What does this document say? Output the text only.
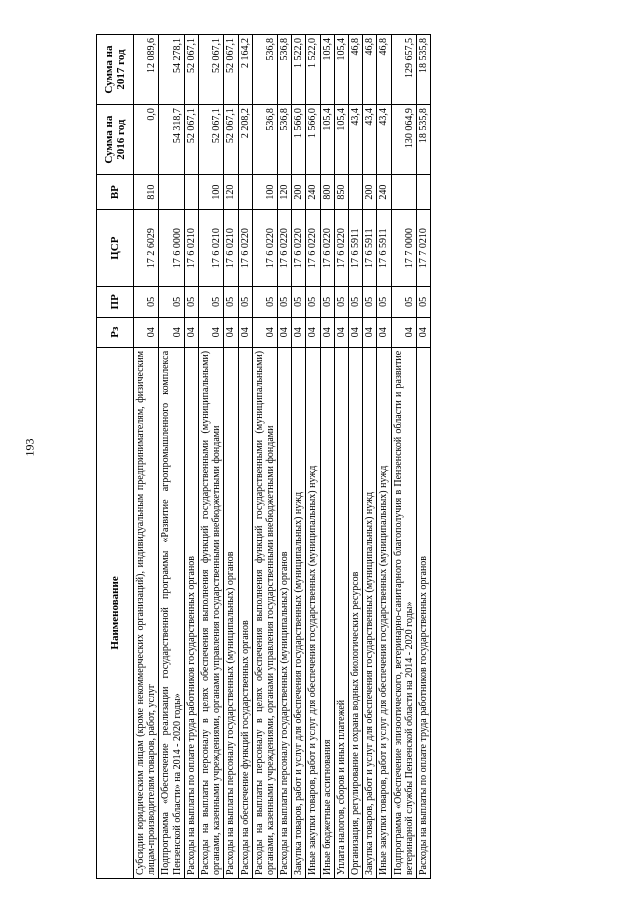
193
Наименование	Рз	ПР	ЦСР	ВР	Сумма на 2016 год	Сумма на 2017 год
Субсидии юридическим лицам (кроме некоммерческих организаций), индивидуальным предпринимателям, физическим лицам-производителям товаров, работ, услуг	04	05	17 2 6029	810	0,0	12 089,6
Подпрограмма «Обеспечение реализации государственной программы «Развитие агропромышленного комплекса Пензенской области» на 2014 - 2020 годы»	04	05	17 6 0000		54 318,7	54 278,1
Расходы на выплаты по оплате труда работников государственных органов	04	05	17 6 0210		52 067,1	52 067,1
Расходы на выплаты персоналу в целях обеспечения выполнения функций государственными (муниципальными) органами, казенными учреждениями, органами управления государственными внебюджетными фондами	04	05	17 6 0210	100	52 067,1	52 067,1
Расходы на выплаты персоналу государственных (муниципальных) органов	04	05	17 6 0210	120	52 067,1	52 067,1
Расходы на обеспечение функций государственных органов	04	05	17 6 0220		2 208,2	2 164,2
Расходы на выплаты персоналу в целях обеспечения выполнения функций государственными (муниципальными) органами, казенными учреждениями, органами управления государственными внебюджетными фондами	04	05	17 6 0220	100	536,8	536,8
Расходы на выплаты персоналу государственных (муниципальных) органов	04	05	17 6 0220	120	536,8	536,8
Закупка товаров, работ и услуг для обеспечения государственных (муниципальных) нужд	04	05	17 6 0220	200	1 566,0	1 522,0
Иные закупки товаров, работ и услуг для обеспечения государственных (муниципальных) нужд	04	05	17 6 0220	240	1 566,0	1 522,0
Иные бюджетные ассигнования	04	05	17 6 0220	800	105,4	105,4
Уплата налогов, сборов и иных платежей	04	05	17 6 0220	850	105,4	105,4
Организация, регулирование и охрана водных биологических ресурсов	04	05	17 6 5911		43,4	46,8
Закупка товаров, работ и услуг для обеспечения государственных (муниципальных) нужд	04	05	17 6 5911	200	43,4	46,8
Иные закупки товаров, работ и услуг для обеспечения государственных (муниципальных) нужд	04	05	17 6 5911	240	43,4	46,8
Подпрограмма «Обеспечение эпизоотического, ветеринарно-санитарного благополучия в Пензенской области и развитие ветеринарной службы Пензенской области на 2014 - 2020 годы»	04	05	17 7 0000		130 064,9	129 657,5
Расходы на выплаты по оплате труда работников государственных органов	04	05	17 7 0210		18 535,8	18 535,8
